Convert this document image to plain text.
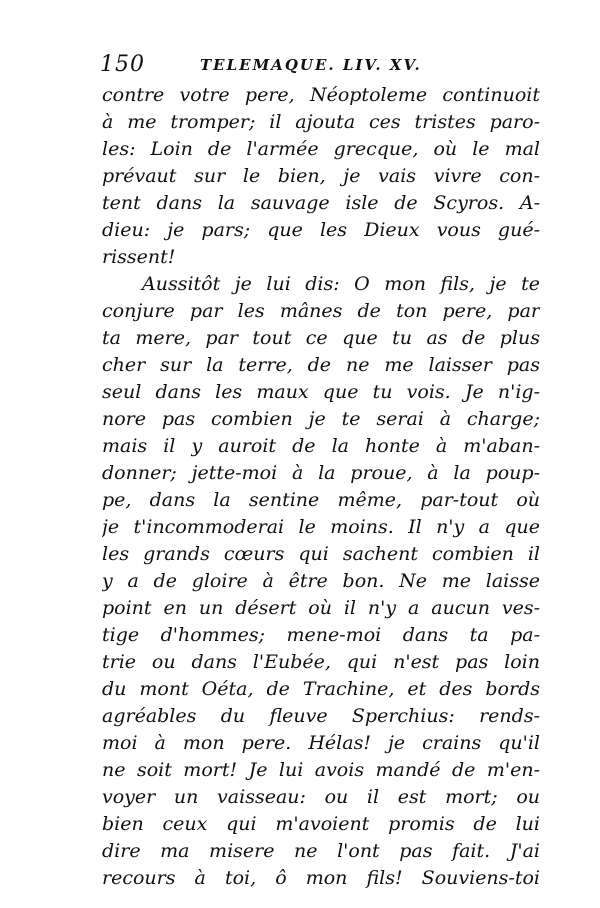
150	TELEMAQUE. LIV. XV.
contre votre pere, Néoptoleme continuoit
à me tromper; il ajouta ces tristes paro-
les: Loin de l'armée grecque, où le mal
prévaut sur le bien, je vais vivre con-
tent dans la sauvage isle de Scyros. A-
dieu: je pars; que les Dieux vous gué-
rissent!
Aussitôt je lui dis: O mon fils, je te
conjure par les mânes de ton pere, par
ta mere, par tout ce que tu as de plus
cher sur la terre, de ne me laisser pas
seul dans les maux que tu vois. Je n'ig-
nore pas combien je te serai à charge;
mais il y auroit de la honte à m'aban-
donner; jette-moi à la proue, à la poup-
pe, dans la sentine même, par-tout où
je t'incommoderai le moins. Il n'y a que
les grands cœurs qui sachent combien il
y a de gloire à être bon. Ne me laisse
point en un désert où il n'y a aucun ves-
tige d'hommes; mene-moi dans ta pa-
trie ou dans l'Eubée, qui n'est pas loin
du mont Oéta, de Trachine, et des bords
agréables du fleuve Sperchius: rends-
moi à mon pere. Hélas! je crains qu'il
ne soit mort! Je lui avois mandé de m'en-
voyer un vaisseau: ou il est mort; ou
bien ceux qui m'avoient promis de lui
dire ma misere ne l'ont pas fait. J'ai
recours à toi, ô mon fils! Souviens-toi
